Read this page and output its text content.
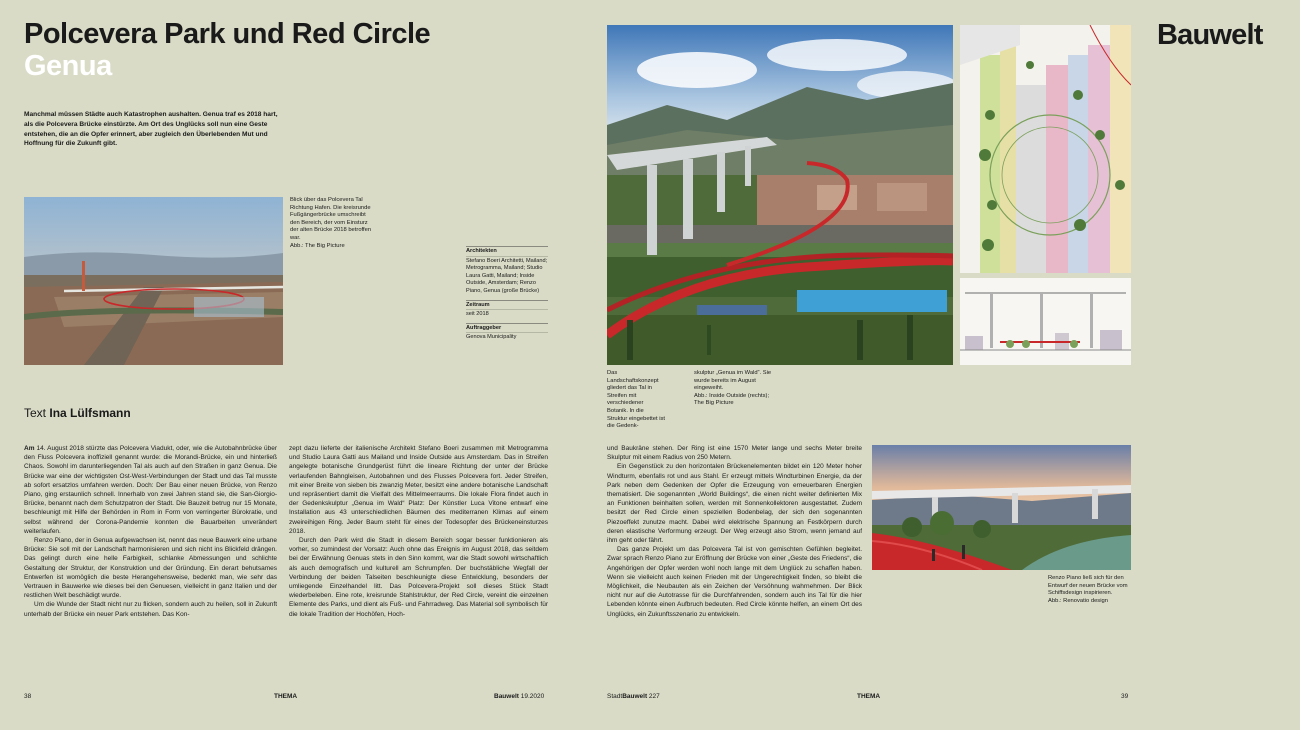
Polcevera Park und Red Circle
Genua
Bauwelt
Manchmal müssen Städte auch Katastrophen aushalten. Genua traf es 2018 hart, als die Polcevera Brücke einstürzte. Am Ort des Unglücks soll nun eine Geste entstehen, die an die Opfer erinnert, aber zugleich den Überlebenden Mut und Hoffnung für die Zukunft gibt.
Blick über das Polcevera Tal Richtung Hafen. Die kreisrunde Fußgängerbrücke umschreibt den Bereich, der vom Einsturz der alten Brücke 2018 betroffen war.
Abb.: The Big Picture
Architekten
Stefano Boeri Architetti, Mailand; Metrogramma, Mailand; Studio Laura Gatti, Mailand; Inside Outside, Amsterdam; Renzo Piano, Genua (große Brücke)
Zeitraum
seit 2018
Auftraggeber
Genova Municipality
Das Landschaftskonzept gliedert das Tal in Streifen mit verschiedener Botanik. In die Struktur eingebettet ist die Gedenk-
skulptur „Genua im Wald“. Sie wurde bereits im August eingeweiht.
Abb.: Inside Outside (rechts); The Big Picture
Text Ina Lülfsmann
Renzo Piano ließ sich für den Entwurf der neuen Brücke vom Schiffsdesign inspirieren.
Abb.: Renovatio design

Am 14. August 2018 stürzte das Polcevera Viadukt, oder, wie die Autobahnbrücke über den Fluss Polcevera inoffiziell genannt wurde: die Morandi-Brücke, ein und hinterließ Chaos. Sowohl im darunterliegenden Tal als auch auf den Straßen in ganz Genua. Die Brücke war eine der wichtigsten Ost-West-Verbindungen der Stadt und das Tal musste ab sofort ersatzlos umfahren werden. Doch: Der Bau einer neuen Brücke, von Renzo Piano, ging erstaunlich schnell. Innerhalb von zwei Jahren stand sie, die San-Giorgio-Brücke, benannt nach dem Schutzpatron der Stadt. Die Bauzeit betrug nur 15 Monate, beschleunigt mit Hilfe der Behörden in Rom in Form von verringerter Bürokratie, und selbst während der Corona-Pandemie konnten die Bauarbeiten unverändert weiterlaufen.

Renzo Piano, der in Genua aufgewachsen ist, nennt das neue Bauwerk eine urbane Brücke: Sie soll mit der Landschaft harmonisieren und sich nicht ins Blickfeld drängen. Das gelingt durch eine helle Farbigkeit, schlanke Abmessungen und schlichte Gestaltung der Struktur, der Konstruktion und der Gründung. Ein derart behutsames Entwerfen ist womöglich die beste Herangehensweise, bedenkt man, wie sehr das Vertrauen in Bauwerke wie dieses bei den Genuesen, vielleicht in ganz Italien und der restlichen Welt beschädigt wurde.

Um die Wunde der Stadt nicht nur zu flicken, sondern auch zu heilen, soll in Zukunft unterhalb der Brücke ein neuer Park entstehen. Das Kon-

zept dazu lieferte der italienische Architekt Stefano Boeri zusammen mit Metrogramma und Studio Laura Gatti aus Mailand und Inside Outside aus Amsterdam. Das in Streifen angelegte botanische Grundgerüst führt die lineare Richtung der unter der Brücke verlaufenden Bahngleisen, Autobahnen und des Flusses Polcevera fort. Jeder Streifen, mit einer Breite von sieben bis zwanzig Meter, besitzt eine andere botanische Landschaft und repräsentiert damit die Vielfalt des Mittelmeerraums. Die lokale Flora findet auch in der Gedenkskulptur „Genua im Wald“ Platz: Der Künstler Luca Vitone entwarf eine Installation aus 43 unterschiedlichen Bäumen des mediterranen Klimas auf einem zweireihigen Ring. Jeder Baum steht für eines der Todesopfer des Brückeneinsturzes 2018.

Durch den Park wird die Stadt in diesem Bereich sogar besser funktionieren als vorher, so zumindest der Vorsatz: Auch ohne das Ereignis im August 2018, das seitdem bei der Erwähnung Genuas stets in den Sinn kommt, war die Stadt sowohl wirtschaftlich als auch demografisch und kulturell am Schrumpfen. Der buchstäbliche Wegfall der Verbindung der beiden Talseiten beschleunigte diese Entwicklung, besonders der umliegende Einzelhandel litt. Das Polcevera-Projekt soll dieses Stück Stadt wiederbeleben. Eine rote, kreisrunde Stahlstruktur, der Red Circle, vereint die einzelnen Elemente des Parks, und dient als Fuß- und Fahrradweg. Das Material soll symbolisch für die lokale Tradition der Hochöfen, Hoch-

und Baukräne stehen. Der Ring ist eine 1570 Meter lange und sechs Meter breite Skulptur mit einem Radius von 250 Metern.

Ein Gegenstück zu den horizontalen Brückenelementen bildet ein 120 Meter hoher Windturm, ebenfalls rot und aus Stahl. Er erzeugt mittels Windturbinen Energie, da der Park neben dem Gedenken der Opfer die Erzeugung von erneuerbaren Energien thematisiert. Die sogenannten „World Buildings“, die einen nicht weiter definierten Mix an Funktionen beinhalten sollen, werden mit Sonnenkollektoren ausgestattet. Zudem besitzt der Red Circle einen speziellen Bodenbelag, der sich den sogenannten Piezoeffekt zunutze macht. Dabei wird elektrische Spannung an Festkörpern durch deren elastische Verformung erzeugt. Der Weg erzeugt also Strom, wenn jemand auf ihm geht oder fährt.

Das ganze Projekt um das Polcevera Tal ist von gemischten Gefühlen begleitet. Zwar sprach Renzo Piano zur Eröffnung der Brücke von einer „Geste des Friedens“, die Angehörigen der Opfer werden wohl noch lange mit dem Unglück zu schaffen haben. Wenn sie vielleicht auch keinen Frieden mit der Ungerechtigkeit finden, so bleibt die Möglichkeit, die Neubauten als ein Zeichen der Versöhnung wahrnehmen. Der Blick nicht nur auf die Autotrasse für die Durchfahrenden, sondern auch ins Tal für die hier Lebenden könnte einen Aufbruch bedeuten. Red Circle könnte helfen, an einem Ort des Unglücks, ein Zukunftsszenario zu entwickeln.

38	THEMA	Bauwelt 19.2020	StadtBauwelt 227	THEMA	39
